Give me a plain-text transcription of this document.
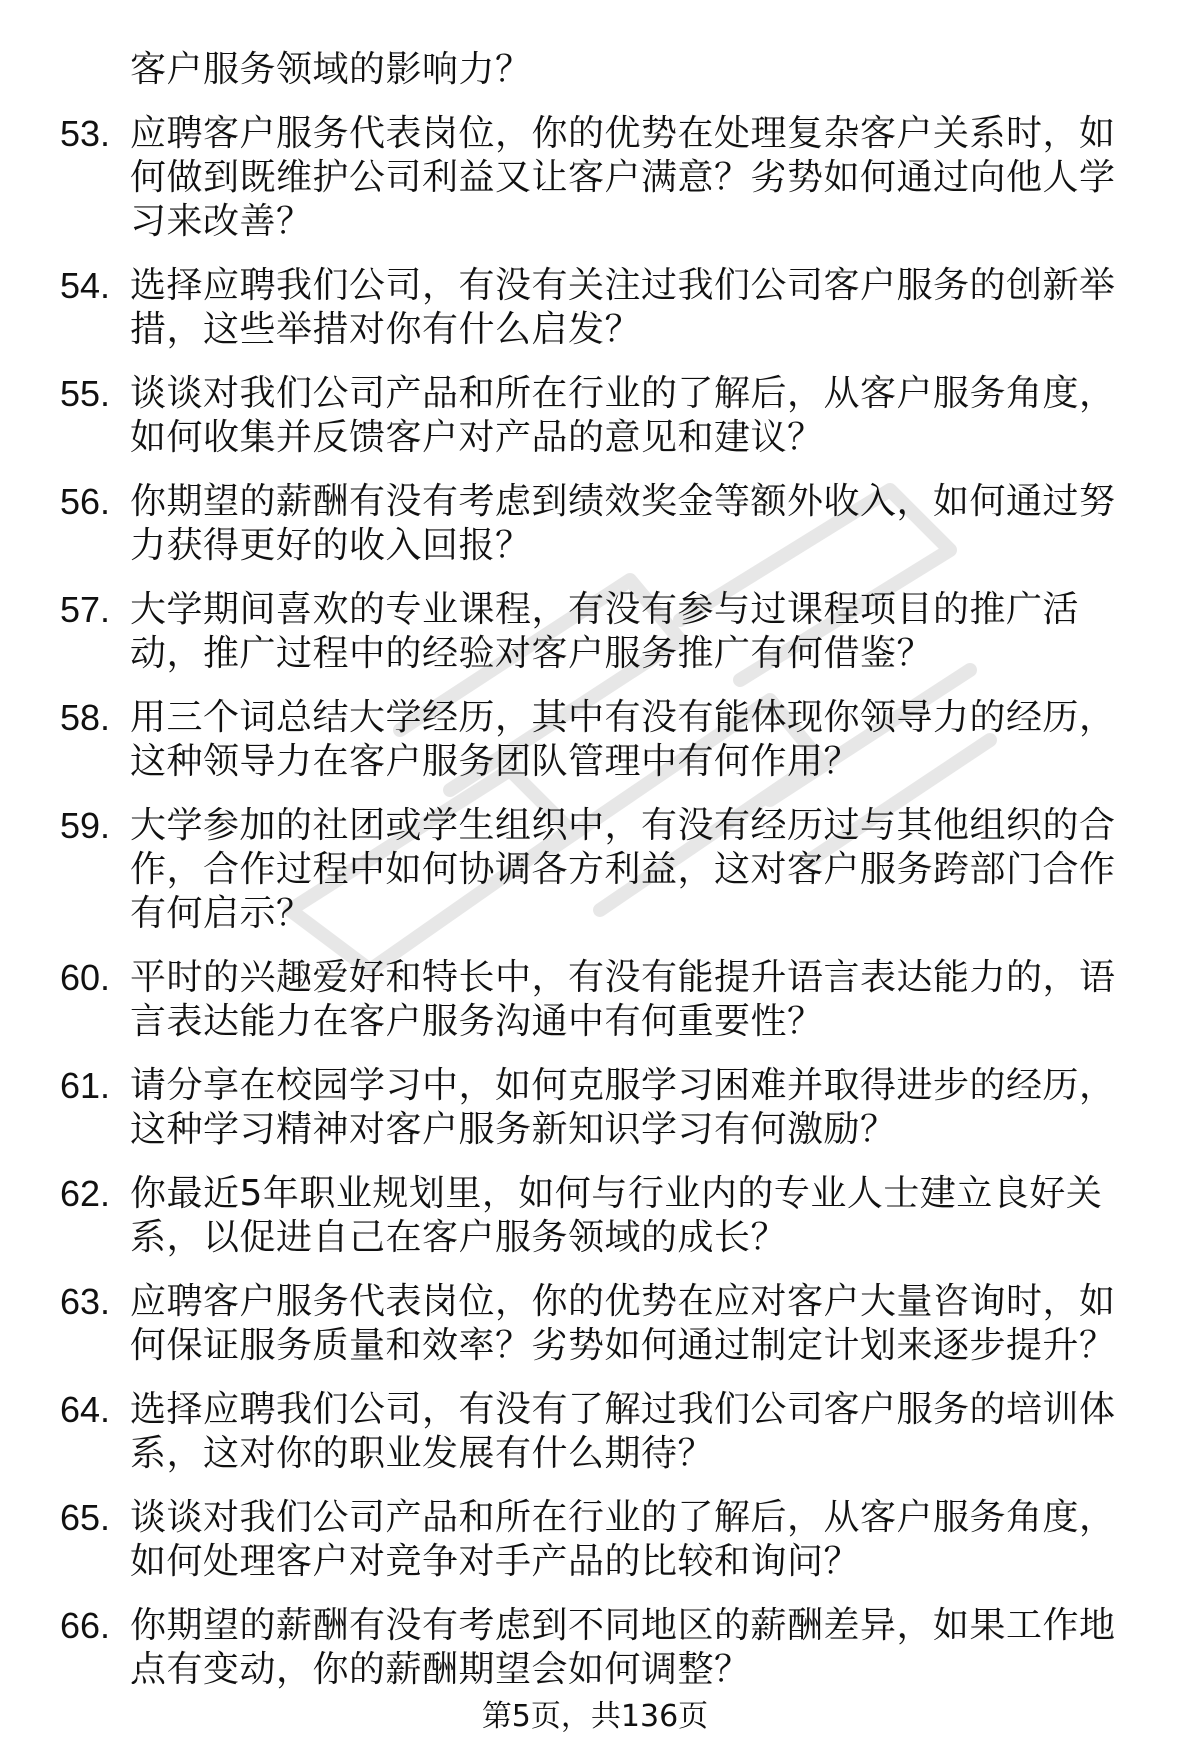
客户服务领域的影响力？
53. 应聘客户服务代表岗位，你的优势在处理复杂客户关系时，如何做到既维护公司利益又让客户满意？劣势如何通过向他人学习来改善？
54. 选择应聘我们公司，有没有关注过我们公司客户服务的创新举措，这些举措对你有什么启发？
55. 谈谈对我们公司产品和所在行业的了解后，从客户服务角度，如何收集并反馈客户对产品的意见和建议？
56. 你期望的薪酬有没有考虑到绩效奖金等额外收入，如何通过努力获得更好的收入回报？
57. 大学期间喜欢的专业课程，有没有参与过课程项目的推广活动，推广过程中的经验对客户服务推广有何借鉴？
58. 用三个词总结大学经历，其中有没有能体现你领导力的经历，这种领导力在客户服务团队管理中有何作用？
59. 大学参加的社团或学生组织中，有没有经历过与其他组织的合作，合作过程中如何协调各方利益，这对客户服务跨部门合作有何启示？
60. 平时的兴趣爱好和特长中，有没有能提升语言表达能力的，语言表达能力在客户服务沟通中有何重要性？
61. 请分享在校园学习中，如何克服学习困难并取得进步的经历，这种学习精神对客户服务新知识学习有何激励？
62. 你最近5年职业规划里，如何与行业内的专业人士建立良好关系，以促进自己在客户服务领域的成长？
63. 应聘客户服务代表岗位，你的优势在应对客户大量咨询时，如何保证服务质量和效率？劣势如何通过制定计划来逐步提升？
64. 选择应聘我们公司，有没有了解过我们公司客户服务的培训体系，这对你的职业发展有什么期待？
65. 谈谈对我们公司产品和所在行业的了解后，从客户服务角度，如何处理客户对竞争对手产品的比较和询问？
66. 你期望的薪酬有没有考虑到不同地区的薪酬差异，如果工作地点有变动，你的薪酬期望会如何调整？
第5页，共136页
